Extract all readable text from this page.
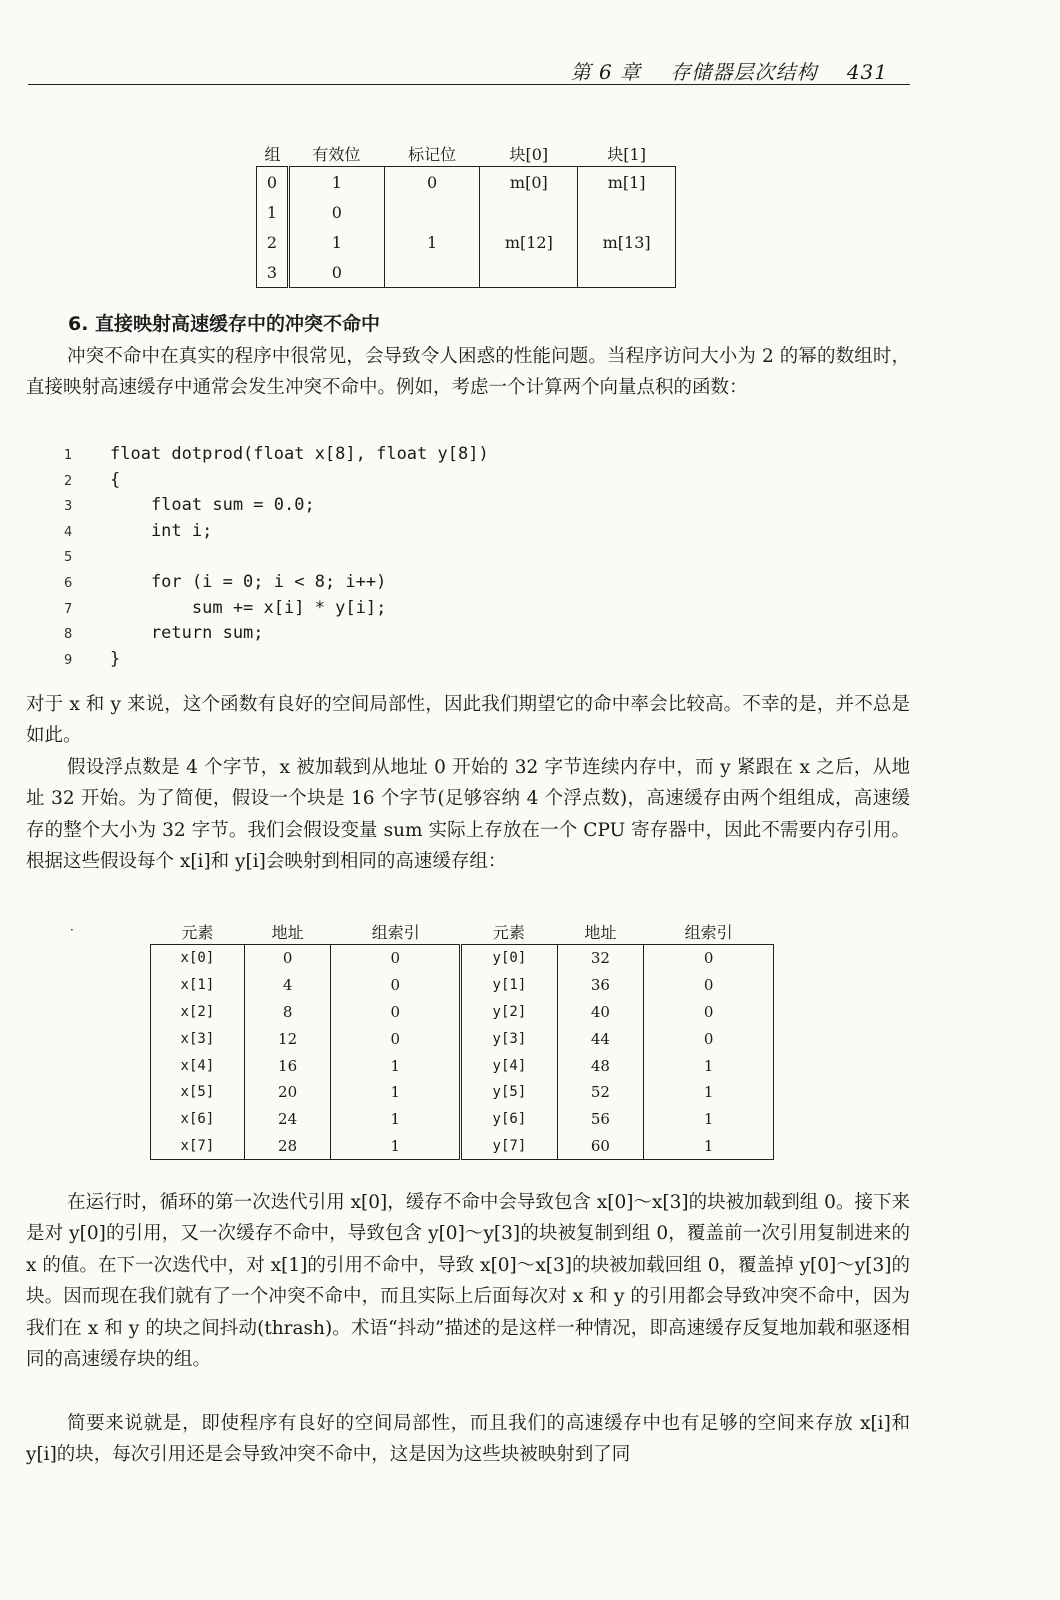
第 6 章 存储器层次结构 431
组	有效位	标记位	块[0]	块[1]
0	1	0	m[0]	m[1]
1	0			
2	1	1	m[12]	m[13]
3	0			
6. 直接映射高速缓存中的冲突不命中

冲突不命中在真实的程序中很常见，会导致令人困惑的性能问题。当程序访问大小为 2 的幂的数组时，直接映射高速缓存中通常会发生冲突不命中。例如，考虑一个计算两个向量点积的函数：

1 float dotprod(float x[8], float y[8])
2 {
3    float sum = 0.0;
4    int i;
5
6    for (i = 0; i < 8; i++)
7        sum += x[i] * y[i];
8    return sum;
9 }

对于 x 和 y 来说，这个函数有良好的空间局部性，因此我们期望它的命中率会比较高。不幸的是，并不总是如此。

假设浮点数是 4 个字节，x 被加载到从地址 0 开始的 32 字节连续内存中，而 y 紧跟在 x 之后，从地址 32 开始。为了简便，假设一个块是 16 个字节(足够容纳 4 个浮点数)，高速缓存由两个组组成，高速缓存的整个大小为 32 字节。我们会假设变量 sum 实际上存放在一个 CPU 寄存器中，因此不需要内存引用。根据这些假设每个 x[i]和 y[i]会映射到相同的高速缓存组：

·	元素	地址	组索引	元素	地址	组索引
x[0]	0	0	y[0]	32	0
x[1]	4	0	y[1]	36	0
x[2]	8	0	y[2]	40	0
x[3]	12	0	y[3]	44	0
x[4]	16	1	y[4]	48	1
x[5]	20	1	y[5]	52	1
x[6]	24	1	y[6]	56	1
x[7]	28	1	y[7]	60	1

在运行时，循环的第一次迭代引用 x[0]，缓存不命中会导致包含 x[0]～x[3]的块被加载到组 0。接下来是对 y[0]的引用，又一次缓存不命中，导致包含 y[0]～y[3]的块被复制到组 0，覆盖前一次引用复制进来的 x 的值。在下一次迭代中，对 x[1]的引用不命中，导致 x[0]～x[3]的块被加载回组 0，覆盖掉 y[0]～y[3]的块。因而现在我们就有了一个冲突不命中，而且实际上后面每次对 x 和 y 的引用都会导致冲突不命中，因为我们在 x 和 y 的块之间抖动(thrash)。术语“抖动”描述的是这样一种情况，即高速缓存反复地加载和驱逐相同的高速缓存块的组。

简要来说就是，即使程序有良好的空间局部性，而且我们的高速缓存中也有足够的空间来存放 x[i]和 y[i]的块，每次引用还是会导致冲突不命中，这是因为这些块被映射到了同
